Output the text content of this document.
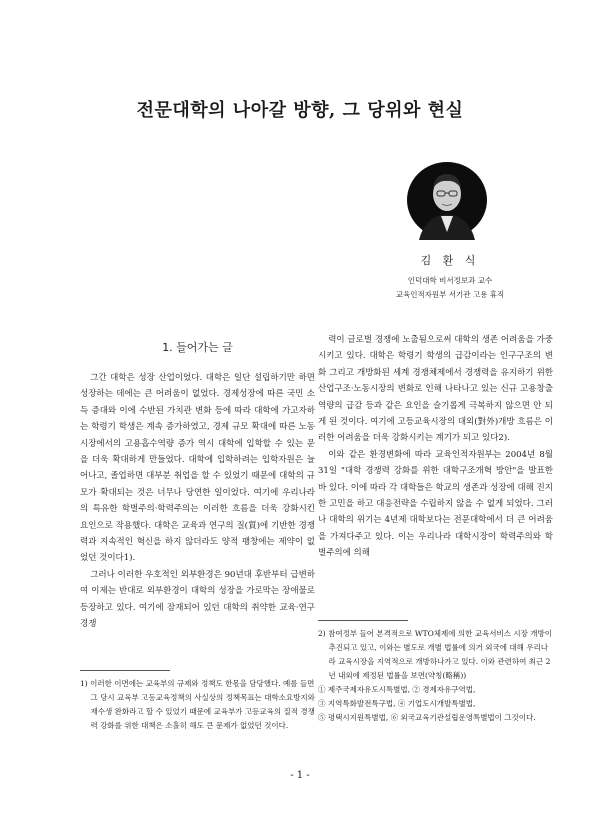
전문대학의 나아갈 방향, 그 당위와 현실
김 환 식
인덕대학 비서정보과 교수
교육인적자원부 서기관 고용 휴직
1. 들어가는 글

그간 대학은 성장 산업이었다. 대학은 일단 설립하기만 하면 성장하는 데에는 큰 어려움이 없었다. 경제성장에 따른 국민 소득 증대와 이에 수반된 가치관 변화 등에 따라 대학에 가고자하는 학령기 학생은 계속 증가하였고, 경제 규모 확대에 따른 노동시장에서의 고용흡수역량 증가 역시 대학에 입학할 수 있는 문을 더욱 확대하게 만들었다. 대학에 입학하려는 입학자원은 늘어나고, 졸업하면 대부분 취업을 할 수 있었기 때문에 대학의 규모가 확대되는 것은 너무나 당연한 일이었다. 여기에 우리나라의 특유한 학벌주의·학력주의는 이러한 흐름을 더욱 강화시킨 요인으로 작용했다. 대학은 교육과 연구의 질(質)에 기반한 경쟁력과 지속적인 혁신을 하지 않더라도 양적 팽창에는 제약이 없었던 것이다1).

그러나 이러한 우호적인 외부환경은 90년대 후반부터 급변하여 이제는 반대로 외부환경이 대학의 성장을 가로막는 장애물로 등장하고 있다. 여기에 잠재되어 있던 대학의 취약한 교육·연구 경쟁

력이 글로벌 경쟁에 노출됨으로써 대학의 생존 어려움을 가중시키고 있다. 대학은 학령기 학생의 급감이라는 인구구조의 변화 그리고 개방화된 세계 경쟁체제에서 경쟁력을 유지하기 위한 산업구조·노동시장의 변화로 인해 나타나고 있는 신규 고용창출 역량의 급감 등과 같은 요인을 슬기롭게 극복하지 않으면 안 되게 된 것이다. 여기에 고등교육시장의 대외(對外)개방 흐름은 이러한 어려움을 더욱 강화시키는 계기가 되고 있다2).

이와 같은 환경변화에 따라 교육인적자원부는 2004년 8월 31일 "대학 경쟁력 강화를 위한 대학구조개혁 방안"을 발표한 바 있다. 이에 따라 각 대학들은 학교의 생존과 성장에 대해 진지한 고민을 하고 대응전략을 수립하지 않을 수 없게 되었다. 그러나 대학의 위기는 4년제 대학보다는 전문대학에서 더 큰 어려움을 가져다주고 있다. 이는 우리나라 대학시장이 학력주의와 학벌주의에 의해

1) 이러한 이면에는 교육부의 규제와 정책도 한몫을 담당했다. 예를 들면 그 당시 교육부 고등교육정책의 사실상의 정책목표는 대학소요방지와 재수생 완화라고 할 수 있었기 때문에 교육부가 고등교육의 질적 경쟁력 강화를 위한 대책은 소홀히 해도 큰 문제가 없었던 것이다.

2) 참여정부 들어 본격적으로 WTO체제에 의한 교육서비스 시장 개방이 추진되고 있고, 이와는 별도로 개별 법률에 의거 외국에 대해 우리나라 교육시장을 지역적으로 개방하나가고 있다. 이와 관련하여 최근 2년 내외에 제정된 법률을 보면(약칭(略稱))

① 제주국제자유도시특별법, ② 경제자유구역법,

③ 지역특화발전특구법, ④ 기업도시개발특별법,

⑤ 평택시지원특별법, ⑥ 외국교육기관설립운영특별법이 그것이다.

- 1 -
